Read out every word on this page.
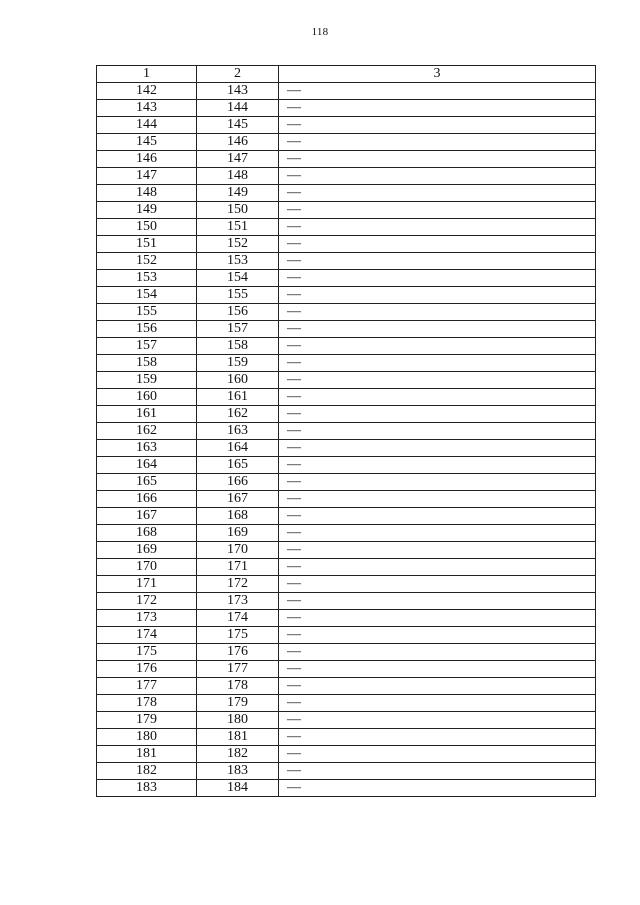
118
1	2	3
142	143	—
143	144	—
144	145	—
145	146	—
146	147	—
147	148	—
148	149	—
149	150	—
150	151	—
151	152	—
152	153	—
153	154	—
154	155	—
155	156	—
156	157	—
157	158	—
158	159	—
159	160	—
160	161	—
161	162	—
162	163	—
163	164	—
164	165	—
165	166	—
166	167	—
167	168	—
168	169	—
169	170	—
170	171	—
171	172	—
172	173	—
173	174	—
174	175	—
175	176	—
176	177	—
177	178	—
178	179	—
179	180	—
180	181	—
181	182	—
182	183	—
183	184	—
